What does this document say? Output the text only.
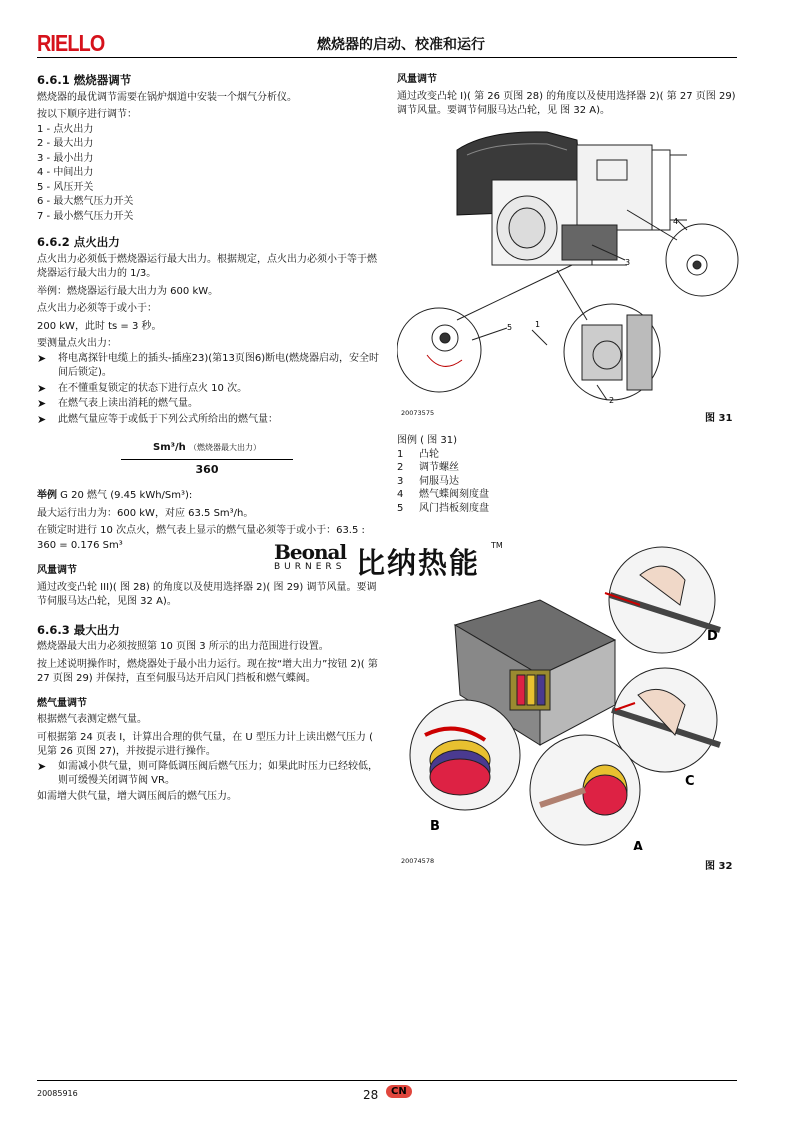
RIELLO	燃烧器的启动、校准和运行
6.6.1 燃烧器调节

燃烧器的最优调节需要在锅炉烟道中安装一个烟气分析仪。

按以下顺序进行调节：

1 - 点火出力
2 - 最大出力
3 - 最小出力
4 - 中间出力
5 - 风压开关
6 - 最大燃气压力开关
7 - 最小燃气压力开关
6.6.2 点火出力

点火出力必须低于燃烧器运行最大出力。根据规定，点火出力必须小于等于燃烧器运行最大出力的 1/3。

举例：燃烧器运行最大出力为 600 kW。

点火出力必须等于或小于：

200 kW，此时 ts = 3 秒。

要测量点火出力：

➤ 将电离探针电缆上的插头-插座23)(第13页图6)断电(燃烧器启动，安全时间后锁定)。
➤ 在不懂重复锁定的状态下进行点火 10 次。
➤ 在燃气表上读出消耗的燃气量。
➤ 此燃气量应等于或低于下列公式所给出的燃气量：
Sm³/h （燃烧器最大出力）
360

举例 G 20 燃气 (9.45 kWh/Sm³):

最大运行出力为：600 kW，对应 63.5 Sm³/h。

在锁定时进行 10 次点火，燃气表上显示的燃气量必须等于或小于：63.5 : 360 = 0.176 Sm³

风量调节

通过改变凸轮 III)( 图 28) 的角度以及使用选择器 2)( 图 29) 调节风量。要调节伺服马达凸轮，见图 32 A)。

6.6.3 最大出力

燃烧器最大出力必须按照第 10 页图 3 所示的出力范围进行设置。

按上述说明操作时，燃烧器处于最小出力运行。现在按“增大出力”按钮 2)( 第 27 页图 29) 并保持，直至伺服马达开启风门挡板和燃气蝶阀。

燃气量调节

根据燃气表测定燃气量。

可根据第 24 页表 I，计算出合理的供气量，在 U 型压力计上读出燃气压力 ( 见第 26 页图 27)，并按提示进行操作。

➤ 如需减小供气量，则可降低调压阀后燃气压力；如果此时压力已经较低，则可缓慢关闭调节阀 VR。

如需增大供气量，增大调压阀后的燃气压力。

风量调节

通过改变凸轮 I)( 第 26 页图 28) 的角度以及使用选择器 2)( 第 27 页图 29) 调节风量。要调节伺服马达凸轮，见 图 32 A)。

4
3
1
5
2
20073575	图 31
图例 ( 图 31)
1 凸轮
2 调节螺丝
3 伺服马达
4 燃气蝶阀刻度盘
5 风门挡板刻度盘
D
C
B
A
20074578	图 32
Beonal
BURNERS 比纳热能
TM
20085916	28	CN
